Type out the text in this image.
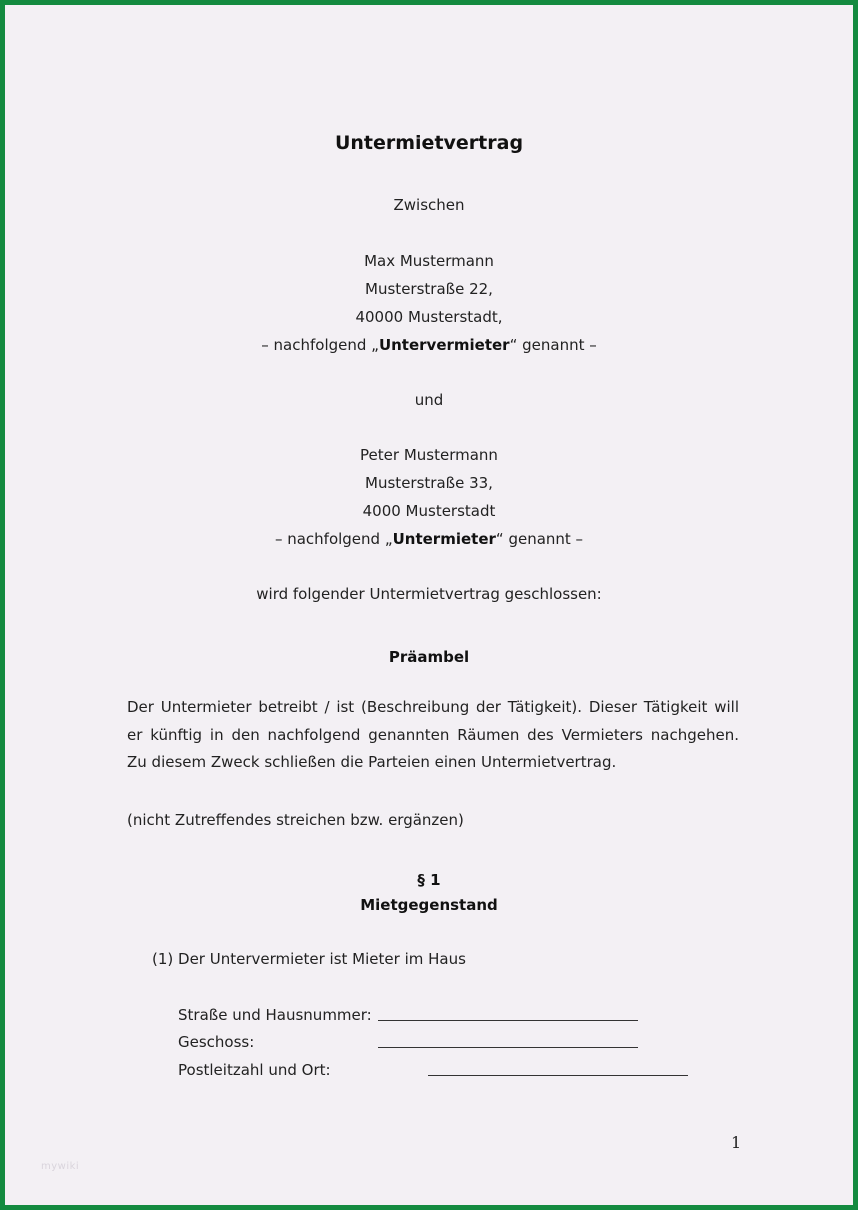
Untermietvertrag
Zwischen
Max Mustermann
Musterstraße 22,
40000 Musterstadt,
– nachfolgend „Untervermieter“ genannt –
und
Peter Mustermann
Musterstraße 33,
4000 Musterstadt
– nachfolgend „Untermieter“ genannt –
wird folgender Untermietvertrag geschlossen:
Präambel
Der Untermieter betreibt / ist (Beschreibung der Tätigkeit). Dieser Tätigkeit will
er künftig in den nachfolgend genannten Räumen des Vermieters nachgehen.
Zu diesem Zweck schließen die Parteien einen Untermietvertrag.
(nicht Zutreffendes streichen bzw. ergänzen)
§ 1
Mietgegenstand
(1) Der Untervermieter ist Mieter im Haus
Straße und Hausnummer:
Geschoss:
Postleitzahl und Ort:
1
mywiki
